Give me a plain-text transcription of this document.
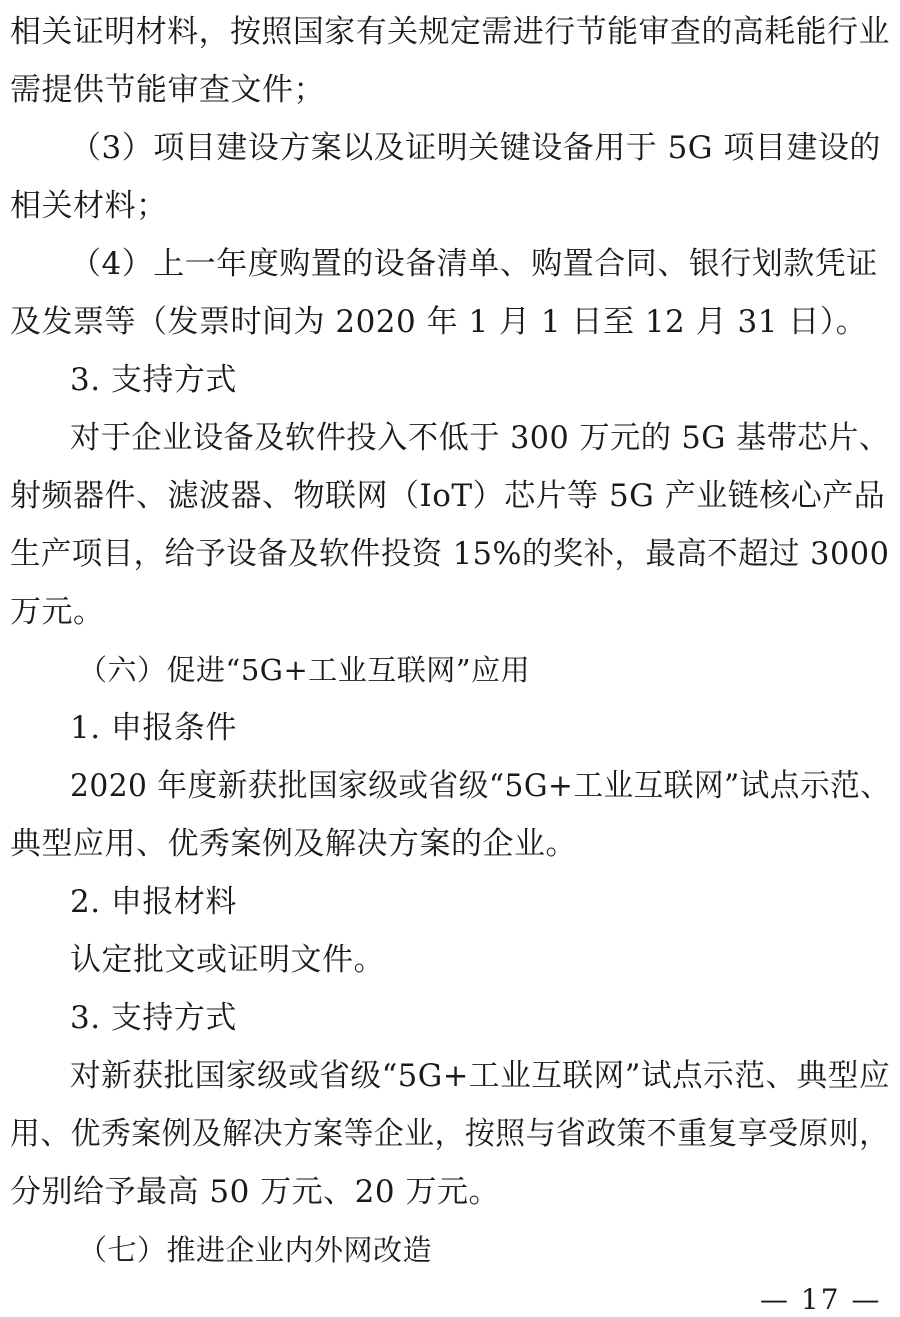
相关证明材料，按照国家有关规定需进行节能审查的高耗能行业
需提供节能审查文件；
（3）项目建设方案以及证明关键设备用于 5G 项目建设的
相关材料；
（4）上一年度购置的设备清单、购置合同、银行划款凭证
及发票等（发票时间为 2020 年 1 月 1 日至 12 月 31 日）。
3. 支持方式
对于企业设备及软件投入不低于 300 万元的 5G 基带芯片、
射频器件、滤波器、物联网（IoT）芯片等 5G 产业链核心产品
生产项目，给予设备及软件投资 15%的奖补，最高不超过 3000
万元。
（六）促进“5G+工业互联网”应用
1. 申报条件
2020 年度新获批国家级或省级“5G+工业互联网”试点示范、
典型应用、优秀案例及解决方案的企业。
2. 申报材料
认定批文或证明文件。
3. 支持方式
对新获批国家级或省级“5G+工业互联网”试点示范、典型应
用、优秀案例及解决方案等企业，按照与省政策不重复享受原则，
分别给予最高 50 万元、20 万元。
（七）推进企业内外网改造
— 17 —
